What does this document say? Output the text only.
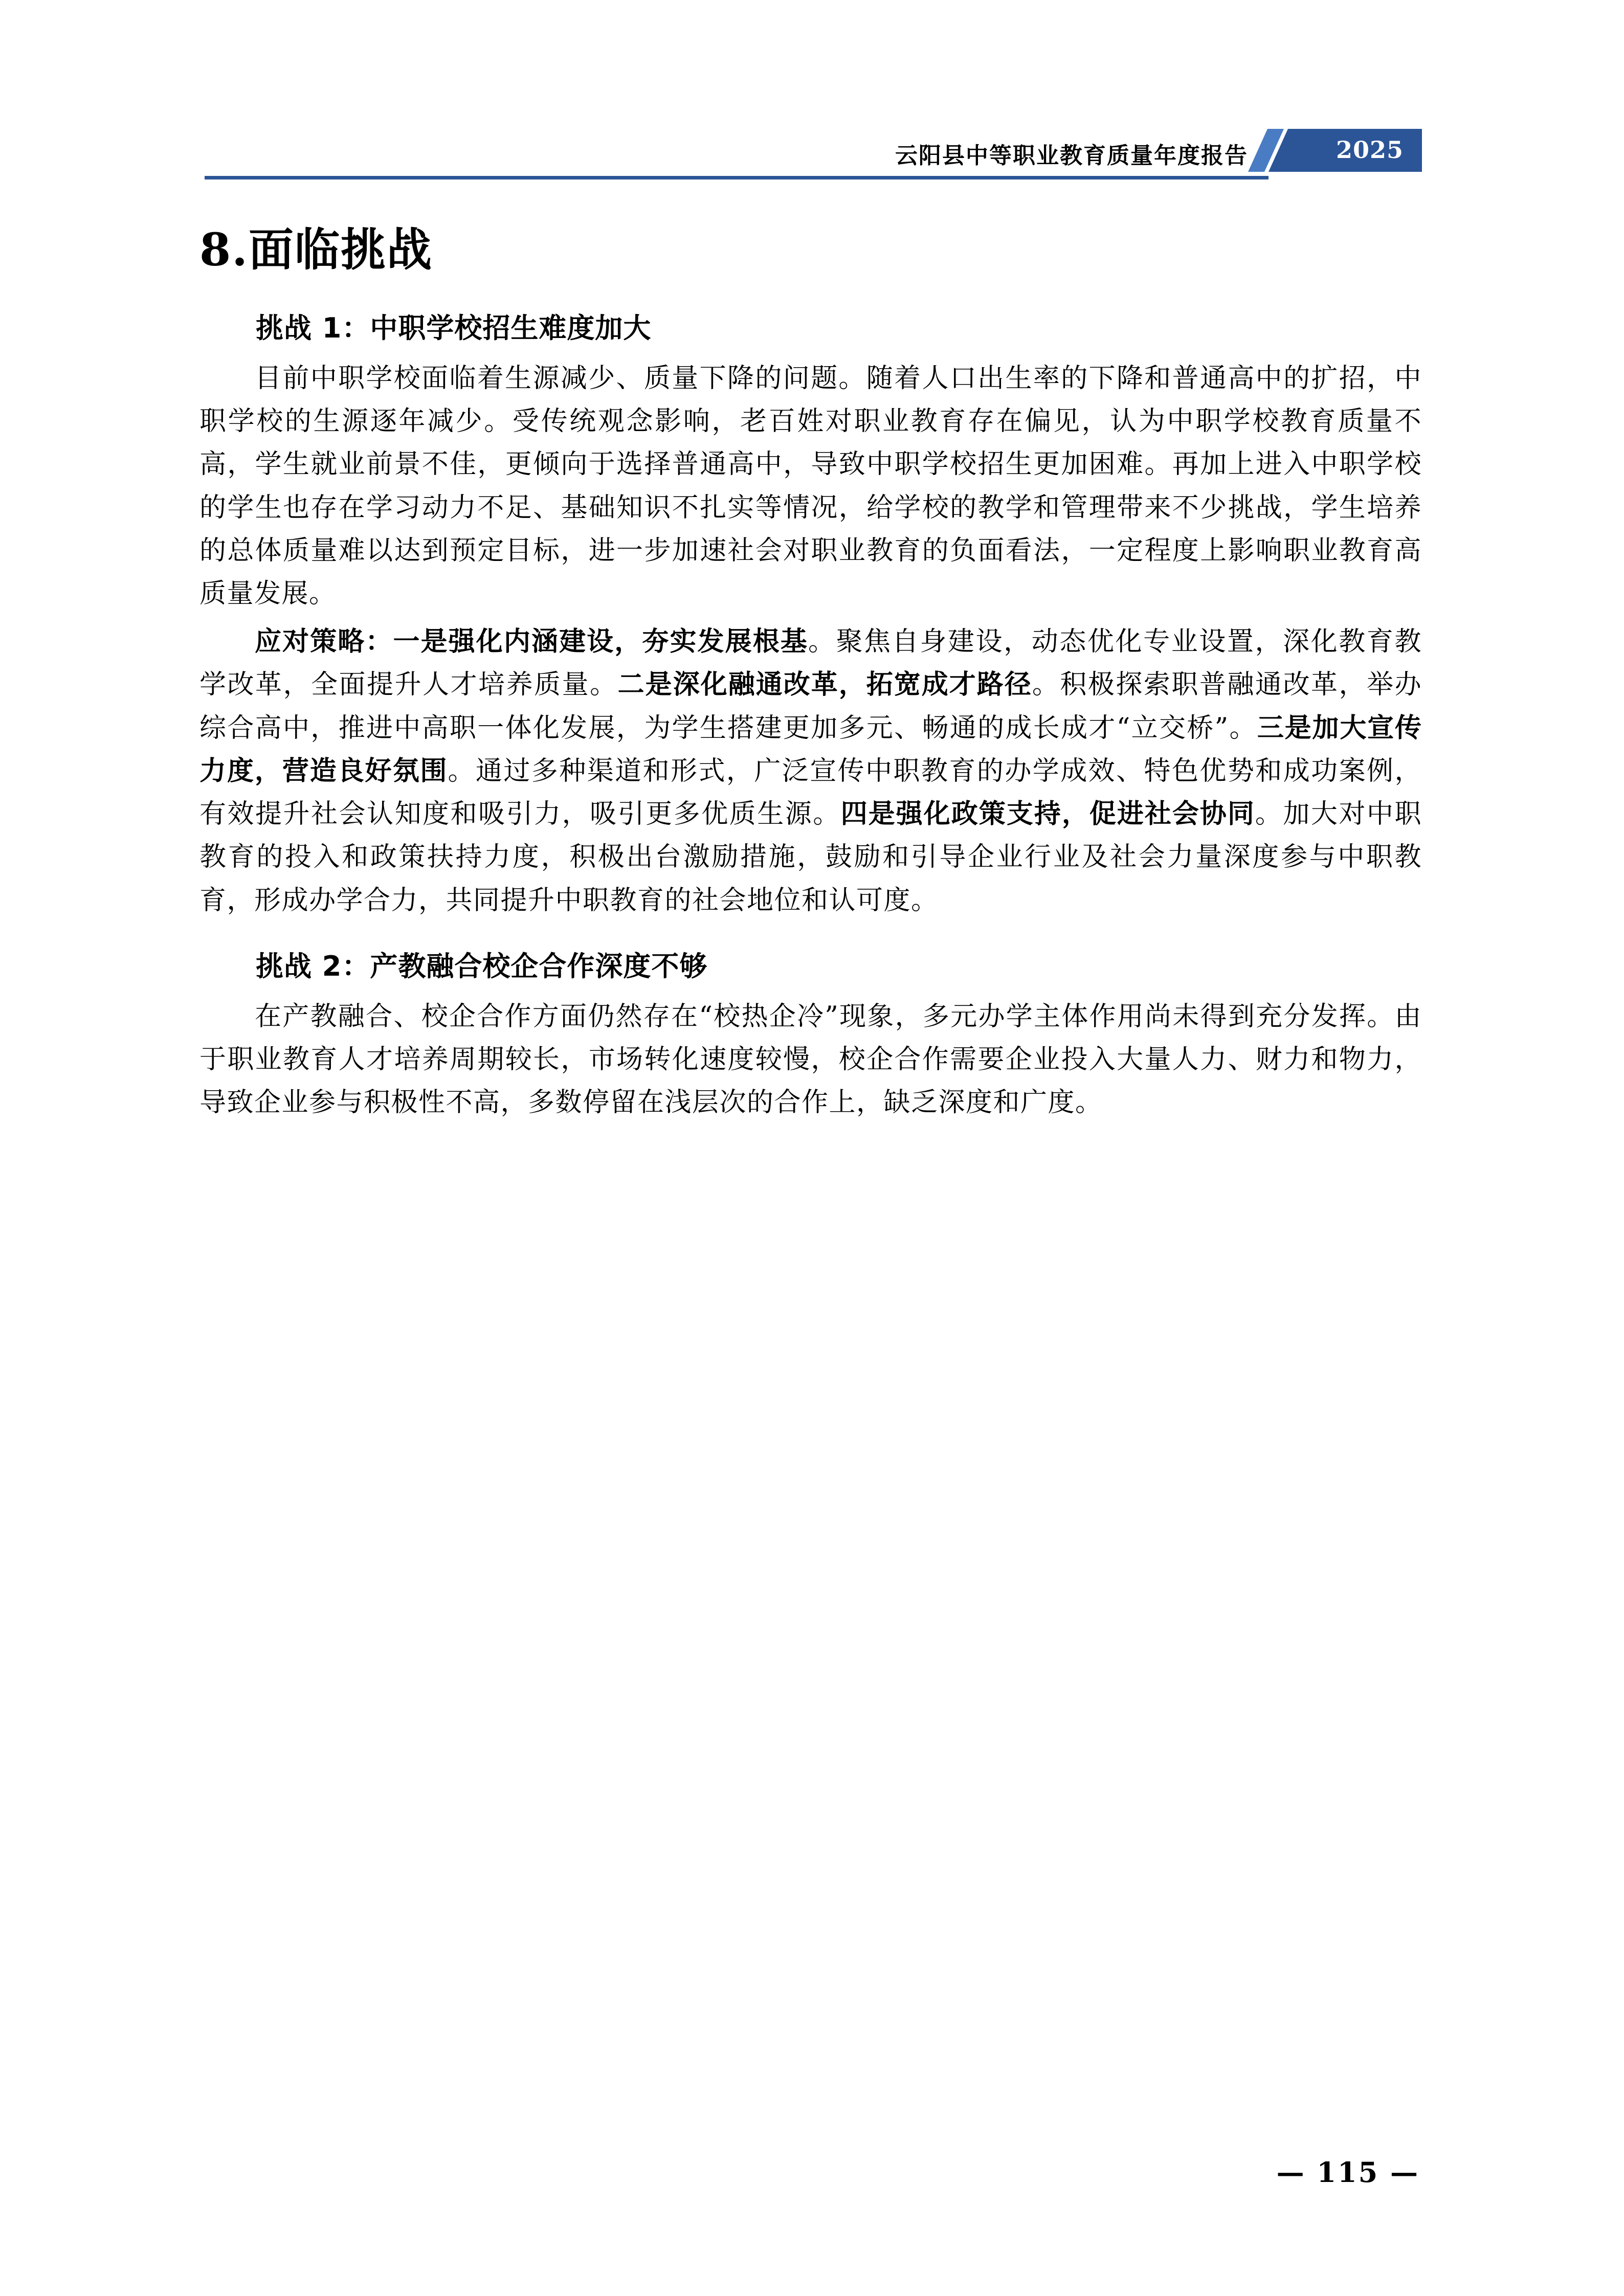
云阳县中等职业教育质量年度报告	2025
8.面临挑战
挑战 1：中职学校招生难度加大

目前中职学校面临着生源减少、质量下降的问题。随着人口出生率的下降和普通高中的扩招，中职学校的生源逐年减少。受传统观念影响，老百姓对职业教育存在偏见，认为中职学校教育质量不高，学生就业前景不佳，更倾向于选择普通高中，导致中职学校招生更加困难。再加上进入中职学校的学生也存在学习动力不足、基础知识不扎实等情况，给学校的教学和管理带来不少挑战，学生培养的总体质量难以达到预定目标，进一步加速社会对职业教育的负面看法，一定程度上影响职业教育高质量发展。

应对策略：一是强化内涵建设，夯实发展根基。聚焦自身建设，动态优化专业设置，深化教育教学改革，全面提升人才培养质量。二是深化融通改革，拓宽成才路径。积极探索职普融通改革，举办综合高中，推进中高职一体化发展，为学生搭建更加多元、畅通的成长成才“立交桥”。三是加大宣传力度，营造良好氛围。通过多种渠道和形式，广泛宣传中职教育的办学成效、特色优势和成功案例，有效提升社会认知度和吸引力，吸引更多优质生源。四是强化政策支持，促进社会协同。加大对中职教育的投入和政策扶持力度，积极出台激励措施，鼓励和引导企业行业及社会力量深度参与中职教育，形成办学合力，共同提升中职教育的社会地位和认可度。

挑战 2：产教融合校企合作深度不够

在产教融合、校企合作方面仍然存在“校热企冷”现象，多元办学主体作用尚未得到充分发挥。由于职业教育人才培养周期较长，市场转化速度较慢，校企合作需要企业投入大量人力、财力和物力，导致企业参与积极性不高，多数停留在浅层次的合作上，缺乏深度和广度。

— 115 —
